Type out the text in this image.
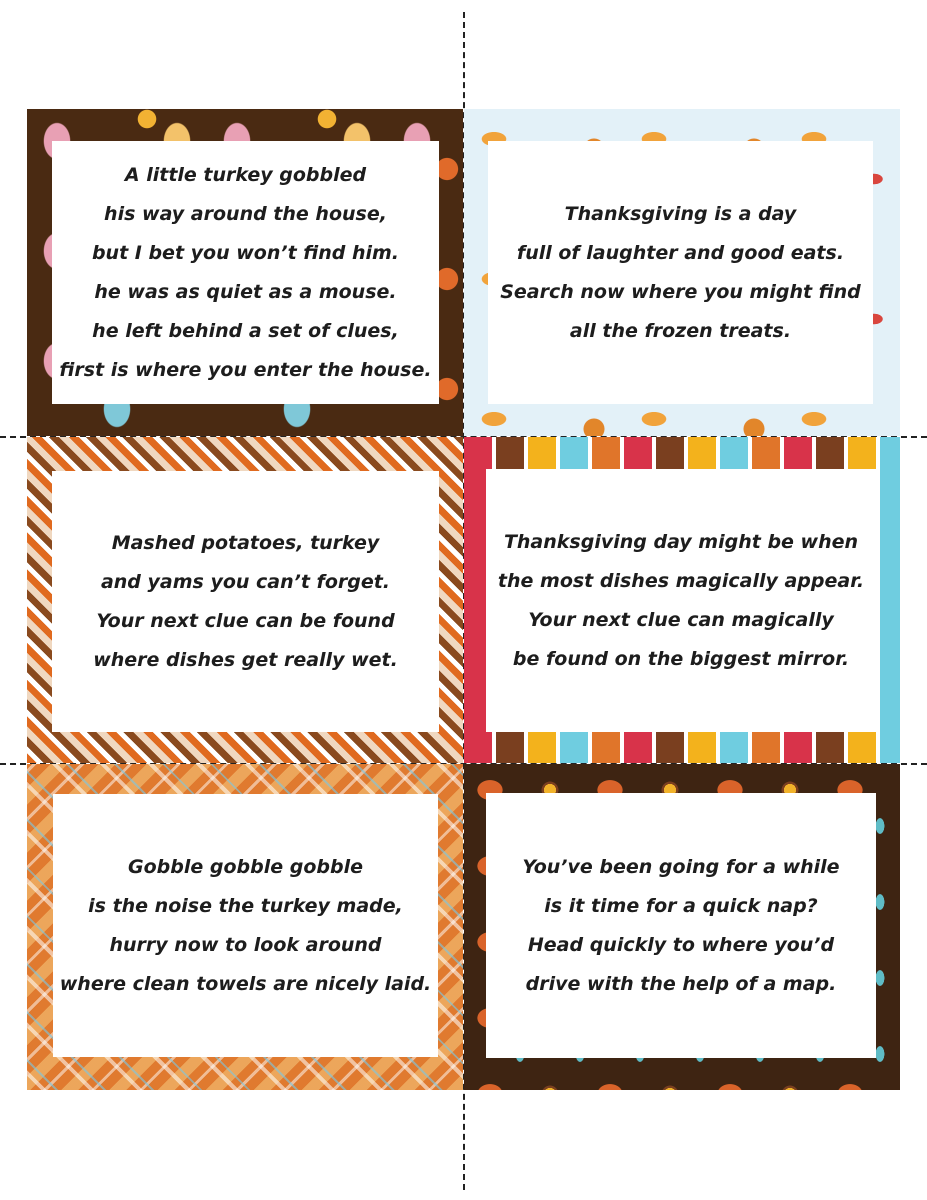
A little turkey gobbled
his way around the house,
but I bet you won’t find him.
he was as quiet as a mouse.
he left behind a set of clues,
first is where you enter the house.
Thanksgiving is a day
full of laughter and good eats.
Search now where you might find
all the frozen treats.
Mashed potatoes, turkey
and yams you can’t forget.
Your next clue can be found
where dishes get really wet.
Thanksgiving day might be when
the most dishes magically appear.
Your next clue can magically
be found on the biggest mirror.
Gobble gobble gobble
is the noise the turkey made,
hurry now to look around
where clean towels are nicely laid.
You’ve been going for a while
is it time for a quick nap?
Head quickly to where you’d
drive with the help of a map.
